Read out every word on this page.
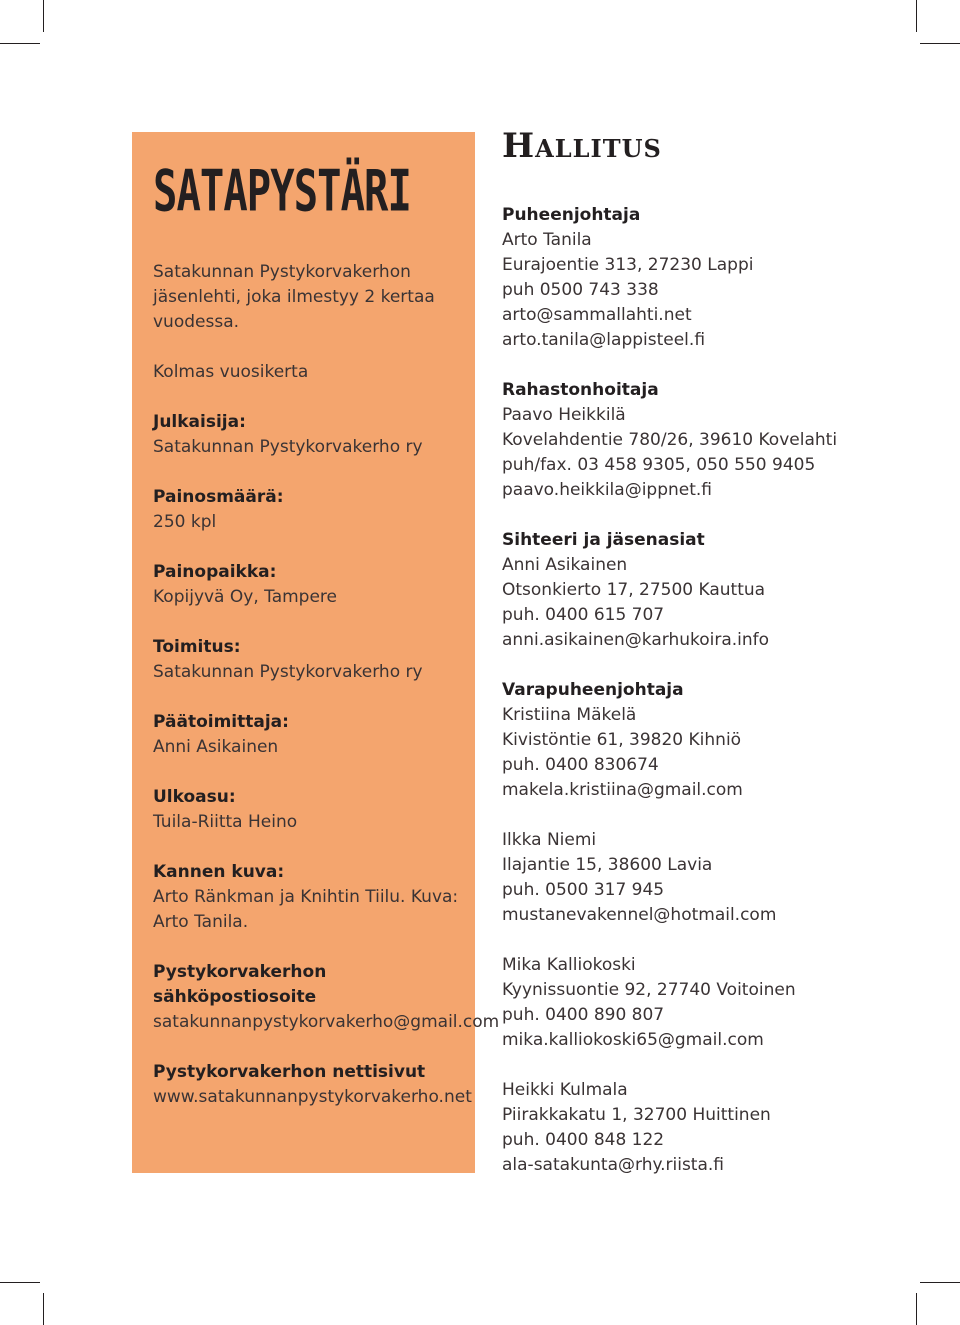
SATAPYSTÄRI
Satakunnan Pystykorvakerhon
jäsenlehti, joka ilmestyy 2 kertaa
vuodessa.
Kolmas vuosikerta
Julkaisija:
Satakunnan Pystykorvakerho ry
Painosmäärä:
250 kpl
Painopaikka:
Kopijyvä Oy, Tampere
Toimitus:
Satakunnan Pystykorvakerho ry
Päätoimittaja:
Anni Asikainen
Ulkoasu:
Tuila-Riitta Heino
Kannen kuva:
Arto Ränkman ja Knihtin Tiilu. Kuva:
Arto Tanila.
Pystykorvakerhon sähköpostiosoite
satakunnanpystykorvakerho@gmail.com
Pystykorvakerhon nettisivut
www.satakunnanpystykorvakerho.net
Hallitus
Puheenjohtaja
Arto Tanila
Eurajoentie 313, 27230 Lappi
puh 0500 743 338
arto@sammallahti.net
arto.tanila@lappisteel.fi
Rahastonhoitaja
Paavo Heikkilä
Kovelahdentie 780/26, 39610 Kovelahti
puh/fax. 03 458 9305, 050 550 9405
paavo.heikkila@ippnet.fi
Sihteeri ja jäsenasiat
Anni Asikainen
Otsonkierto 17, 27500 Kauttua
puh. 0400 615 707
anni.asikainen@karhukoira.info
Varapuheenjohtaja
Kristiina Mäkelä
Kivistöntie 61, 39820 Kihniö
puh. 0400 830674
makela.kristiina@gmail.com
Ilkka Niemi
Ilajantie 15, 38600 Lavia
puh. 0500 317 945
mustanevakennel@hotmail.com
Mika Kalliokoski
Kyynissuontie 92, 27740 Voitoinen
puh. 0400 890 807
mika.kalliokoski65@gmail.com
Heikki Kulmala
Piirakkakatu 1, 32700 Huittinen
puh. 0400 848 122
ala-satakunta@rhy.riista.fi
